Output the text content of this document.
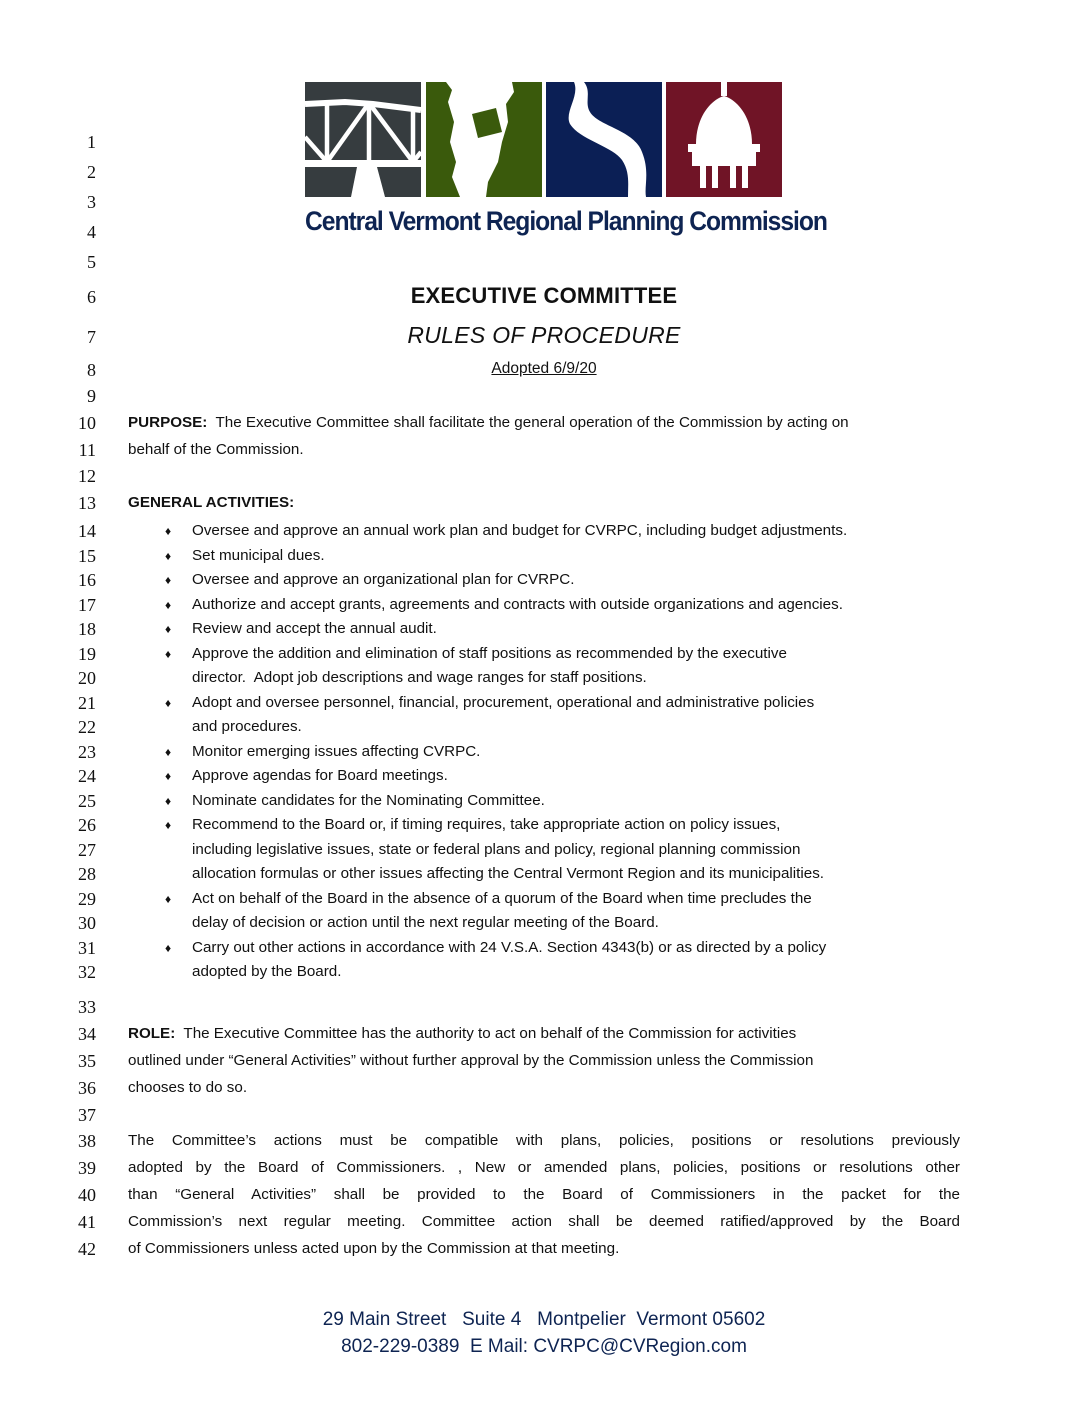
Central Vermont Regional Planning Commission
1
2
3
4
5
6
7
8
9
10
11
12
13
14
15
16
17
18
19
20
21
22
23
24
25
26
27
28
29
30
31
32
33
34
35
36
37
38
39
40
41
42
EXECUTIVE COMMITTEE
RULES OF PROCEDURE
Adopted 6/9/20
PURPOSE:  The Executive Committee shall facilitate the general operation of the Commission by acting on
behalf of the Commission.
GENERAL ACTIVITIES:
♦ Oversee and approve an annual work plan and budget for CVRPC, including budget adjustments.
♦ Set municipal dues.
♦ Oversee and approve an organizational plan for CVRPC.
♦ Authorize and accept grants, agreements and contracts with outside organizations and agencies.
♦ Review and accept the annual audit.
♦ Approve the addition and elimination of staff positions as recommended by the executive
director.  Adopt job descriptions and wage ranges for staff positions.
♦ Adopt and oversee personnel, financial, procurement, operational and administrative policies
and procedures.
♦ Monitor emerging issues affecting CVRPC.
♦ Approve agendas for Board meetings.
♦ Nominate candidates for the Nominating Committee.
♦ Recommend to the Board or, if timing requires, take appropriate action on policy issues,
including legislative issues, state or federal plans and policy, regional planning commission
allocation formulas or other issues affecting the Central Vermont Region and its municipalities.
♦ Act on behalf of the Board in the absence of a quorum of the Board when time precludes the
delay of decision or action until the next regular meeting of the Board.
♦ Carry out other actions in accordance with 24 V.S.A. Section 4343(b) or as directed by a policy
adopted by the Board.
ROLE:  The Executive Committee has the authority to act on behalf of the Commission for activities
outlined under “General Activities” without further approval by the Commission unless the Commission
chooses to do so.
The Committee’s actions must be compatible with plans, policies, positions or resolutions previously
adopted by the Board of Commissioners. , New or amended plans, policies, positions or resolutions other
than “General Activities” shall be provided to the Board of Commissioners in the packet for the
Commission’s next regular meeting. Committee action shall be deemed ratified/approved by the Board
of Commissioners unless acted upon by the Commission at that meeting.
29 Main Street   Suite 4   Montpelier  Vermont 05602
802-229-0389  E Mail: CVRPC@CVRegion.com
